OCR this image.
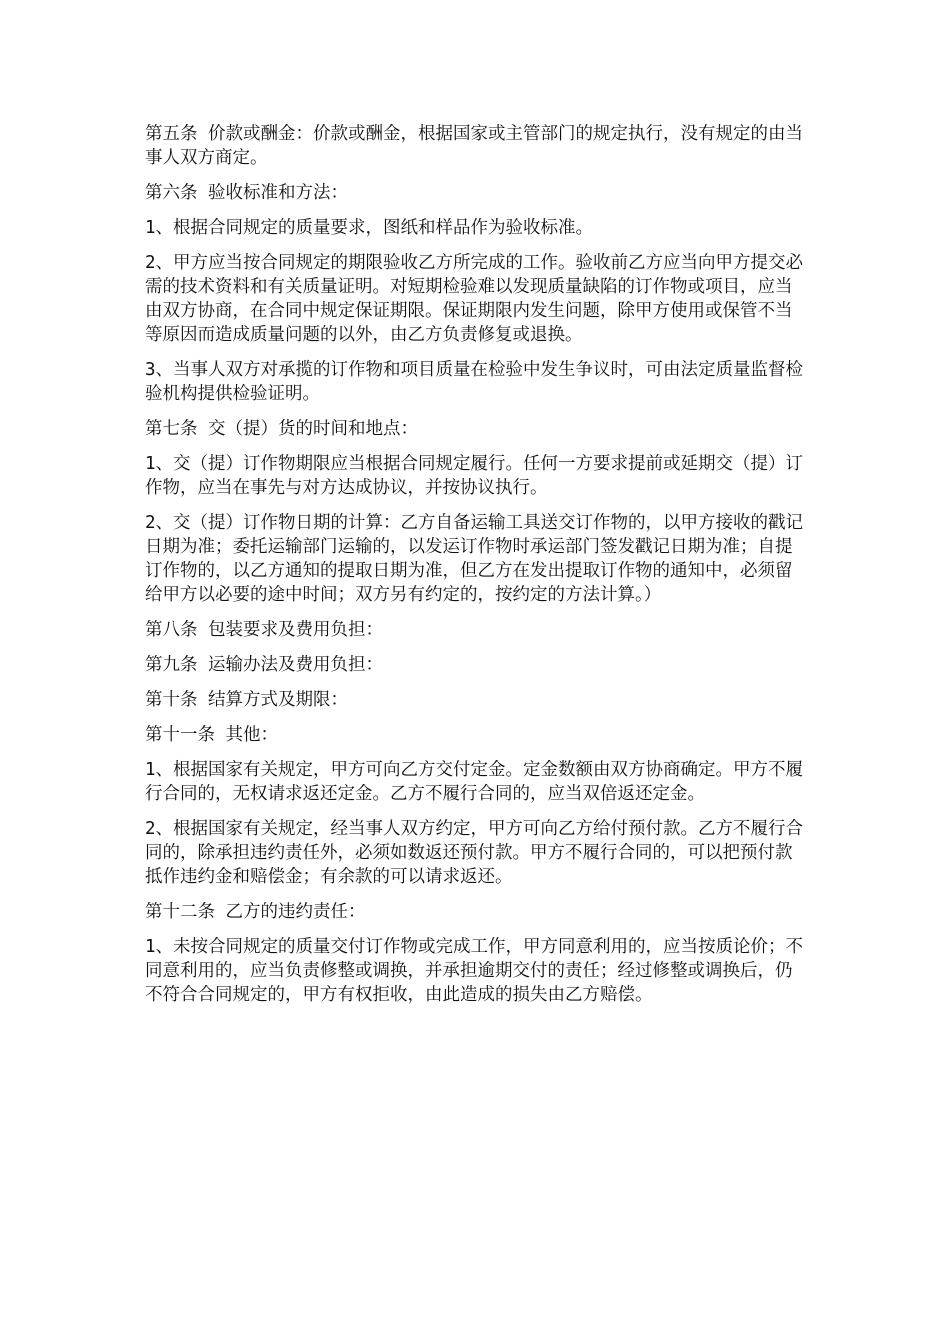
第五条 价款或酬金：价款或酬金，根据国家或主管部门的规定执行，没有规定的由当事人双方商定。

第六条 验收标准和方法：

1、根据合同规定的质量要求，图纸和样品作为验收标准。

2、甲方应当按合同规定的期限验收乙方所完成的工作。验收前乙方应当向甲方提交必需的技术资料和有关质量证明。对短期检验难以发现质量缺陷的订作物或项目，应当由双方协商，在合同中规定保证期限。保证期限内发生问题，除甲方使用或保管不当等原因而造成质量问题的以外，由乙方负责修复或退换。

3、当事人双方对承揽的订作物和项目质量在检验中发生争议时，可由法定质量监督检验机构提供检验证明。

第七条 交（提）货的时间和地点：

1、交（提）订作物期限应当根据合同规定履行。任何一方要求提前或延期交（提）订作物，应当在事先与对方达成协议，并按协议执行。

2、交（提）订作物日期的计算：乙方自备运输工具送交订作物的，以甲方接收的戳记日期为准；委托运输部门运输的，以发运订作物时承运部门签发戳记日期为准；自提订作物的，以乙方通知的提取日期为准，但乙方在发出提取订作物的通知中，必须留给甲方以必要的途中时间；双方另有约定的，按约定的方法计算。）

第八条 包装要求及费用负担：

第九条 运输办法及费用负担：

第十条 结算方式及期限：

第十一条 其他：

1、根据国家有关规定，甲方可向乙方交付定金。定金数额由双方协商确定。甲方不履行合同的，无权请求返还定金。乙方不履行合同的，应当双倍返还定金。

2、根据国家有关规定，经当事人双方约定，甲方可向乙方给付预付款。乙方不履行合同的，除承担违约责任外，必须如数返还预付款。甲方不履行合同的，可以把预付款抵作违约金和赔偿金；有余款的可以请求返还。

第十二条 乙方的违约责任：

1、未按合同规定的质量交付订作物或完成工作，甲方同意利用的，应当按质论价；不同意利用的，应当负责修整或调换，并承担逾期交付的责任；经过修整或调换后，仍不符合合同规定的，甲方有权拒收，由此造成的损失由乙方赔偿。
